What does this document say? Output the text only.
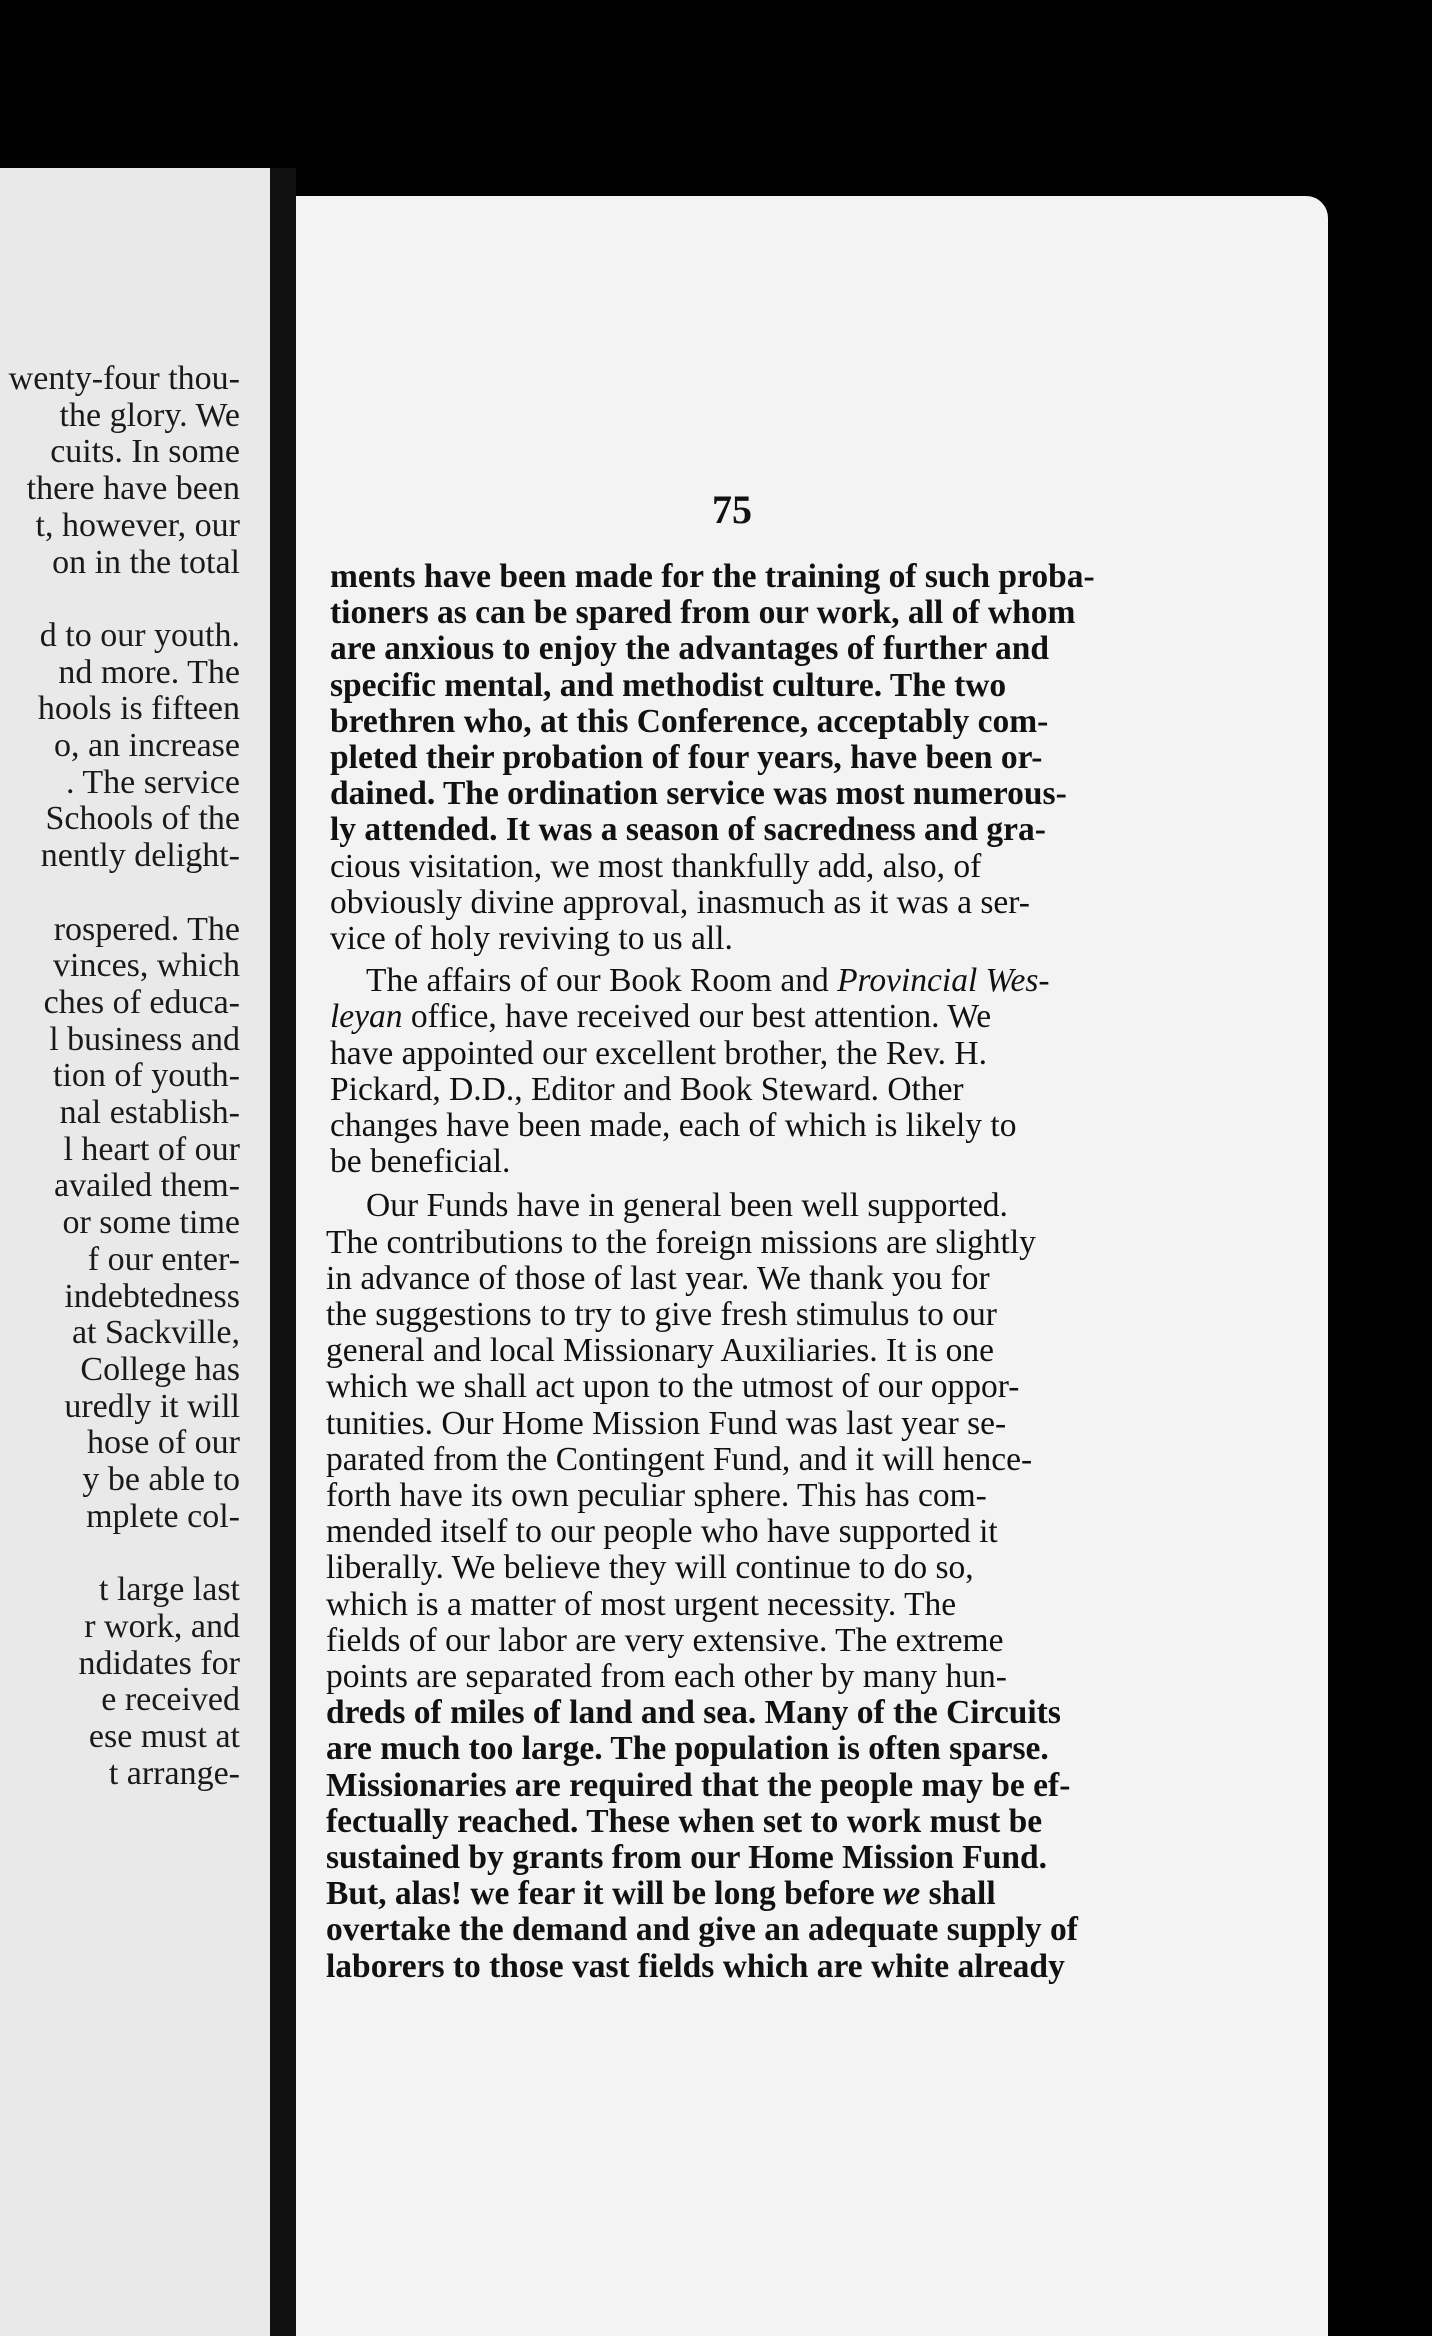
wenty-four thou-
the glory. We
cuits. In some
there have been
t, however, our
on in the total
d to our youth.
nd more. The
hools is fifteen
o, an increase
. The service
Schools of the
nently delight-
rospered. The
vinces, which
ches of educa-
l business and
tion of youth-
nal establish-
l heart of our
availed them-
or some time
f our enter-
indebtedness
at Sackville,
College has
uredly it will
hose of our
y be able to
mplete col-
t large last
r work, and
ndidates for
e received
ese must at
t arrange-
75
ments have been made for the training of such proba-
tioners as can be spared from our work, all of whom
are anxious to enjoy the advantages of further and
specific mental, and methodist culture. The two
brethren who, at this Conference, acceptably com-
pleted their probation of four years, have been or-
dained. The ordination service was most numerous-
ly attended. It was a season of sacredness and gra-
cious visitation, we most thankfully add, also, of
obviously divine approval, inasmuch as it was a ser-
vice of holy reviving to us all.
The affairs of our Book Room and Provincial Wes-
leyan office, have received our best attention. We
have appointed our excellent brother, the Rev. H.
Pickard, D.D., Editor and Book Steward. Other
changes have been made, each of which is likely to
be beneficial.
Our Funds have in general been well supported.
The contributions to the foreign missions are slightly
in advance of those of last year. We thank you for
the suggestions to try to give fresh stimulus to our
general and local Missionary Auxiliaries. It is one
which we shall act upon to the utmost of our oppor-
tunities. Our Home Mission Fund was last year se-
parated from the Contingent Fund, and it will hence-
forth have its own peculiar sphere. This has com-
mended itself to our people who have supported it
liberally. We believe they will continue to do so,
which is a matter of most urgent necessity. The
fields of our labor are very extensive. The extreme
points are separated from each other by many hun-
dreds of miles of land and sea. Many of the Circuits
are much too large. The population is often sparse.
Missionaries are required that the people may be ef-
fectually reached. These when set to work must be
sustained by grants from our Home Mission Fund.
But, alas! we fear it will be long before we shall
overtake the demand and give an adequate supply of
laborers to those vast fields which are white already
